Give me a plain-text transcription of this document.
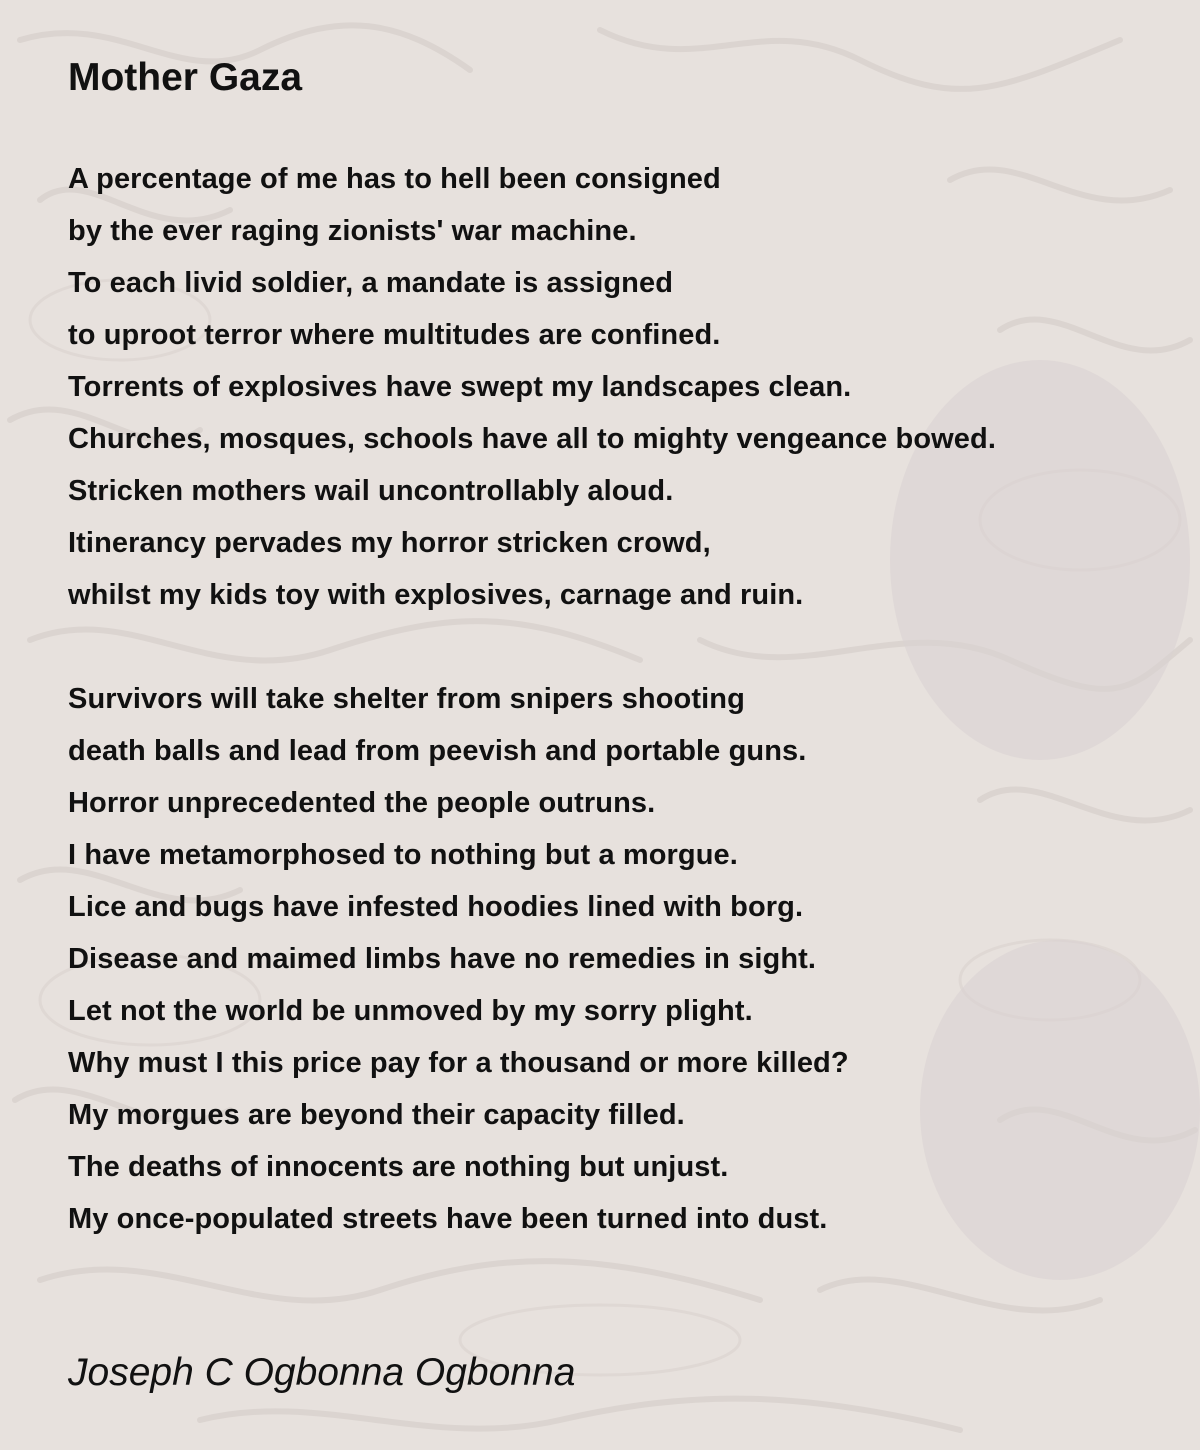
Mother Gaza
A percentage of me has to hell been consigned
by the ever raging zionists' war machine.
To each livid soldier, a mandate is assigned
to uproot terror where multitudes are confined.
Torrents of explosives have swept my landscapes clean.
Churches, mosques, schools have all to mighty vengeance bowed.
Stricken mothers wail uncontrollably aloud.
Itinerancy pervades my horror stricken crowd,
whilst my kids toy with explosives, carnage and ruin.
Survivors will take shelter from snipers shooting
death balls and lead from peevish and portable guns.
Horror unprecedented the people outruns.
I have metamorphosed to nothing but a morgue.
Lice and bugs have infested hoodies lined with borg.
Disease and maimed limbs have no remedies in sight.
Let not the world be unmoved by my sorry plight.
Why must I this price pay for a thousand or more killed?
My morgues are beyond their capacity filled.
The deaths of innocents are nothing but unjust.
My once-populated streets have been turned into dust.

Joseph C Ogbonna Ogbonna
